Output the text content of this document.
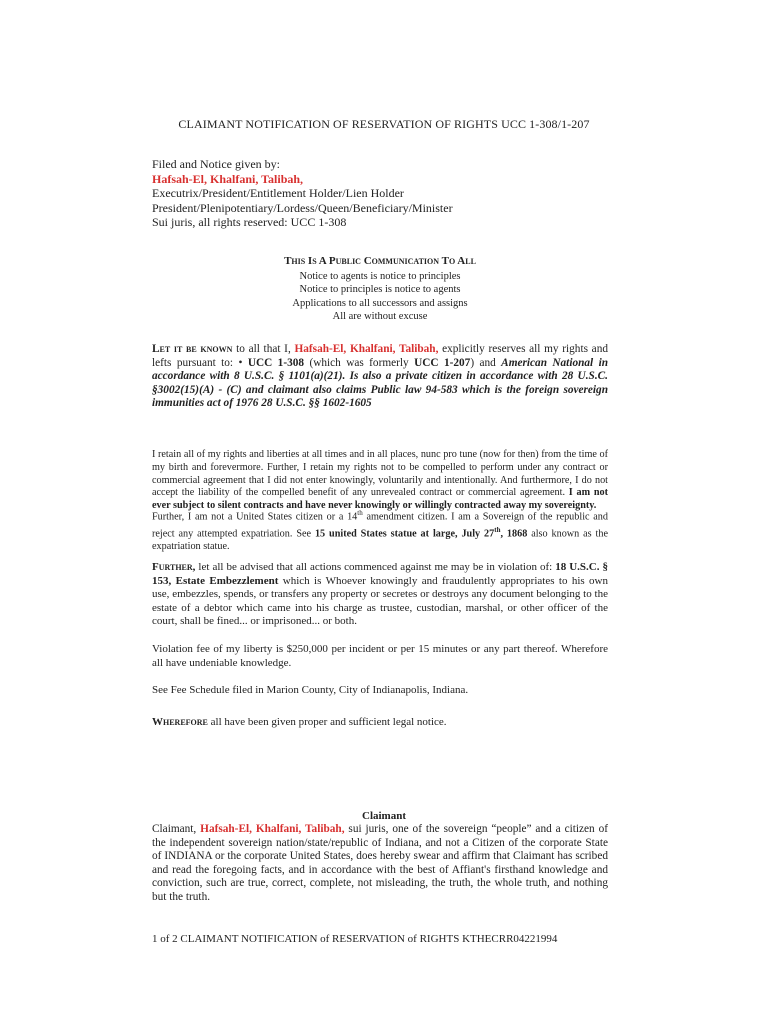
CLAIMANT NOTIFICATION OF RESERVATION OF RIGHTS UCC 1-308/1-207
Filed and Notice given by:
Hafsah-El, Khalfani, Talibah,
Executrix/President/Entitlement Holder/Lien Holder
President/Plenipotentiary/Lordess/Queen/Beneficiary/Minister
Sui juris, all rights reserved: UCC 1-308
This Is A Public Communication To All
Notice to agents is notice to principles
Notice to principles is notice to agents
Applications to all successors and assigns
All are without excuse
Let it be known to all that I, Hafsah-El, Khalfani, Talibah, explicitly reserves all my rights and lefts pursuant to: • UCC 1-308 (which was formerly UCC 1-207) and American National in accordance with 8 U.S.C. § 1101(a)(21). Is also a private citizen in accordance with 28 U.S.C. §3002(15)(A) - (C) and claimant also claims Public law 94-583 which is the foreign sovereign immunities act of 1976 28 U.S.C. §§ 1602-1605
I retain all of my rights and liberties at all times and in all places, nunc pro tune (now for then) from the time of my birth and forevermore. Further, I retain my rights not to be compelled to perform under any contract or commercial agreement that I did not enter knowingly, voluntarily and intentionally. And furthermore, I do not accept the liability of the compelled benefit of any unrevealed contract or commercial agreement. I am not ever subject to silent contracts and have never knowingly or willingly contracted away my sovereignty.
Further, I am not a United States citizen or a 14th amendment citizen. I am a Sovereign of the republic and reject any attempted expatriation. See 15 united States statue at large, July 27th, 1868 also known as the expatriation statue.
Further, let all be advised that all actions commenced against me may be in violation of: 18 U.S.C. § 153, Estate Embezzlement which is Whoever knowingly and fraudulently appropriates to his own use, embezzles, spends, or transfers any property or secretes or destroys any document belonging to the estate of a debtor which came into his charge as trustee, custodian, marshal, or other officer of the court, shall be fined... or imprisoned... or both.
Violation fee of my liberty is $250,000 per incident or per 15 minutes or any part thereof. Wherefore all have undeniable knowledge.
See Fee Schedule filed in Marion County, City of Indianapolis, Indiana.
Wherefore all have been given proper and sufficient legal notice.
Claimant
Claimant, Hafsah-El, Khalfani, Talibah, sui juris, one of the sovereign “people” and a citizen of the independent sovereign nation/state/republic of Indiana, and not a Citizen of the corporate State of INDIANA or the corporate United States, does hereby swear and affirm that Claimant has scribed and read the foregoing facts, and in accordance with the best of Affiant's firsthand knowledge and conviction, such are true, correct, complete, not misleading, the truth, the whole truth, and nothing but the truth.
1 of 2 CLAIMANT NOTIFICATION of RESERVATION of RIGHTS KTHECRR04221994
